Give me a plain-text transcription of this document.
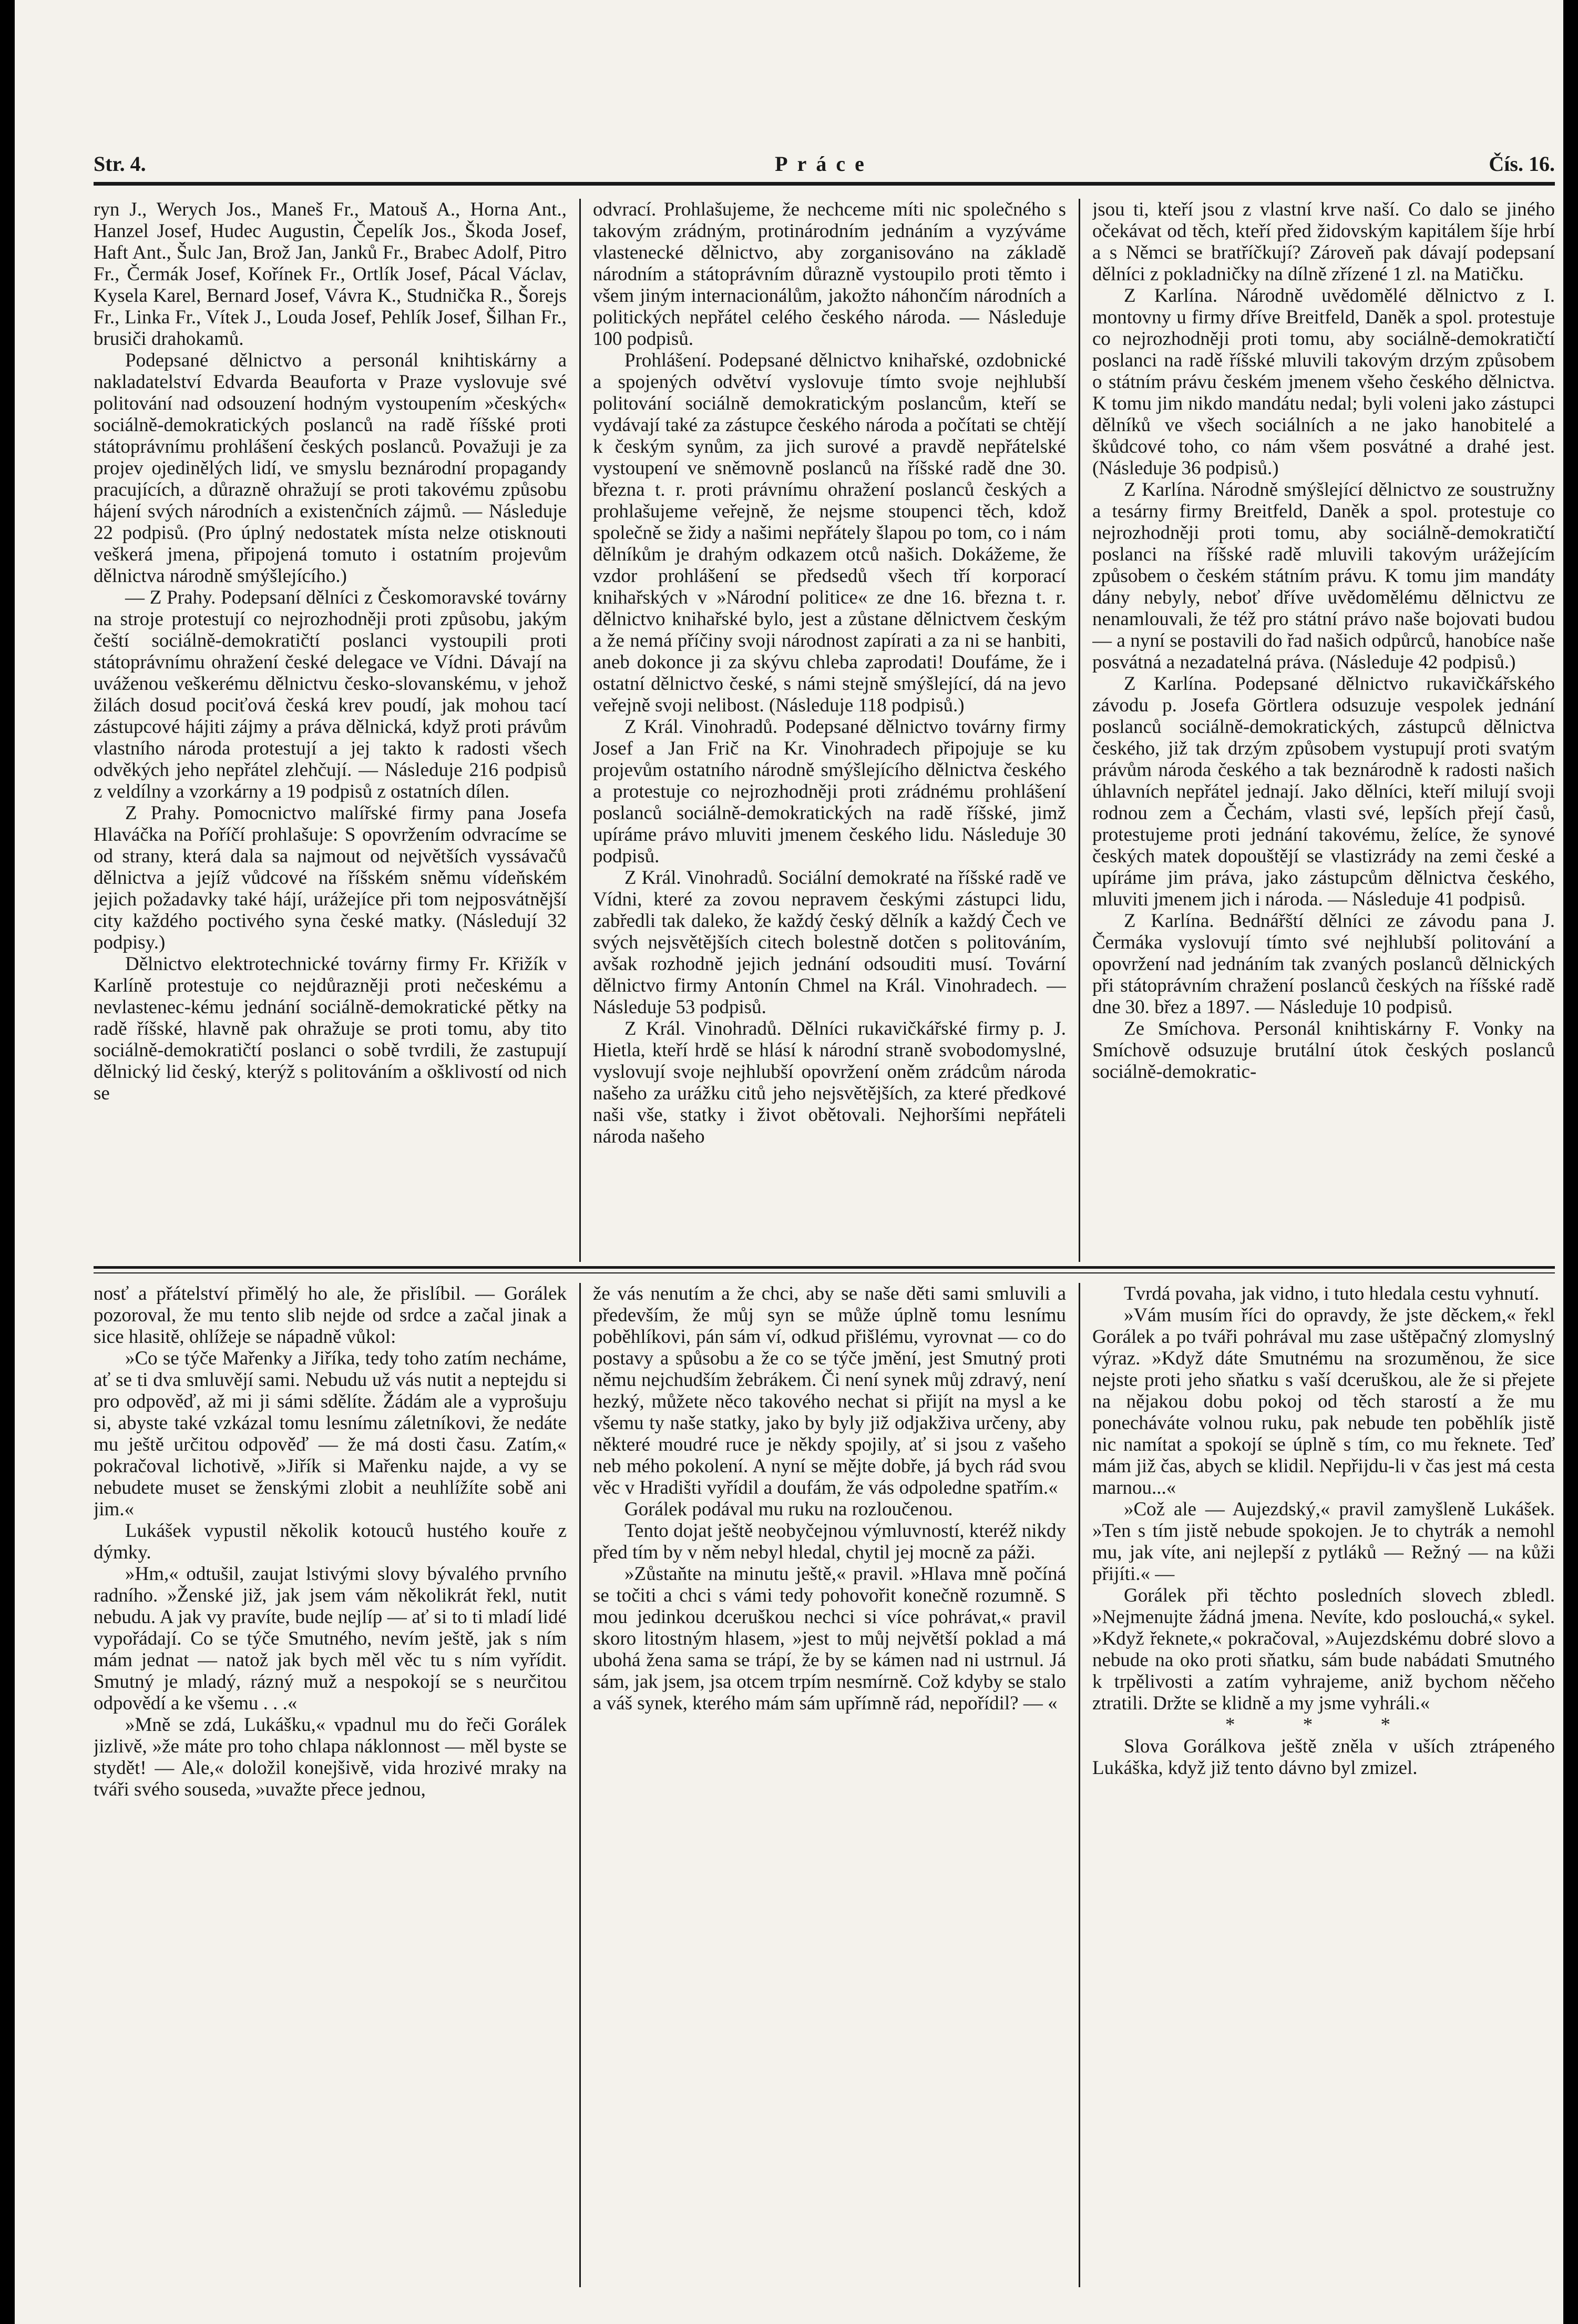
Str. 4.	Práce	Čís. 16.

ryn J., Werych Jos., Maneš Fr., Matouš A., Horna Ant., Hanzel Josef, Hudec Augustin, Čepelík Jos., Škoda Josef, Haft Ant., Šulc Jan, Brož Jan, Janků Fr., Brabec Adolf, Pitro Fr., Čermák Josef, Kořínek Fr., Ortlík Josef, Pácal Václav, Kysela Karel, Bernard Josef, Vávra K., Studnička R., Šorejs Fr., Linka Fr., Vítek J., Louda Josef, Pehlík Josef, Šilhan Fr., brusiči drahokamů.

Podepsané dělnictvo a personál knihtiskárny a nakladatelství Edvarda Beauforta v Praze vyslovuje své politování nad odsouzení hodným vystoupením »českých« sociálně-demokratických poslanců na radě říšské proti státoprávnímu prohlášení českých poslanců. Považuji je za projev ojedinělých lidí, ve smyslu beznárodní propagandy pracujících, a důrazně ohražují se proti takovému způsobu hájení svých národních a existenčních zájmů. — Následuje 22 podpisů. (Pro úplný nedostatek místa nelze otisknouti veškerá jmena, připojená tomuto i ostatním projevům dělnictva národně smýšlejícího.)

— Z Prahy. Podepsaní dělníci z Českomoravské továrny na stroje protestují co nejrozhodněji proti způsobu, jakým čeští sociálně-demokratičtí poslanci vystoupili proti státoprávnímu ohražení české delegace ve Vídni. Dávají na uváženou veškerému dělnictvu česko-slovanskému, v jehož žilách dosud pociťová česká krev poudí, jak mohou tací zástupcové hájiti zájmy a práva dělnická, když proti právům vlastního národa protestují a jej takto k radosti všech odvěkých jeho nepřátel zlehčují. — Následuje 216 podpisů z veldílny a vzorkárny a 19 podpisů z ostatních dílen.

Z Prahy. Pomocnictvo malířské firmy pana Josefa Hlaváčka na Poříčí prohlašuje: S opovržením odvracíme se od strany, která dala sa najmout od největších vyssávačů dělnictva a jejíž vůdcové na říšském sněmu vídeňském jejich požadavky také hájí, urážejíce při tom nejposvátnější city každého poctivého syna české matky. (Následují 32 podpisy.)

Dělnictvo elektrotechnické továrny firmy Fr. Křižík v Karlíně protestuje co nejdůrazněji proti nečeskému a nevlastenec-kému jednání sociálně-demokratické pětky na radě říšské, hlavně pak ohražuje se proti tomu, aby tito sociálně-demokratičtí poslanci o sobě tvrdili, že zastupují dělnický lid český, kterýž s politováním a ošklivostí od nich se

odvrací. Prohlašujeme, že nechceme míti nic společného s takovým zrádným, protinárodním jednáním a vyzýváme vlastenecké dělnictvo, aby zorganisováno na základě národním a státoprávním důrazně vystoupilo proti těmto i všem jiným internacionálům, jakožto náhončím národních a politických nepřátel celého českého národa. — Následuje 100 podpisů.

Prohlášení. Podepsané dělnictvo knihařské, ozdobnické a spojených odvětví vyslovuje tímto svoje nejhlubší politování sociálně demokratickým poslancům, kteří se vydávají také za zástupce českého národa a počítati se chtějí k českým synům, za jich surové a pravdě nepřátelské vystoupení ve sněmovně poslanců na říšské radě dne 30. března t. r. proti právnímu ohražení poslanců českých a prohlašujeme veřejně, že nejsme stoupenci těch, kdož společně se židy a našimi nepřátely šlapou po tom, co i nám dělníkům je drahým odkazem otců našich. Dokážeme, že vzdor prohlášení se předsedů všech tří korporací knihařských v »Národní politice« ze dne 16. března t. r. dělnictvo knihařské bylo, jest a zůstane dělnictvem českým a že nemá příčiny svoji národnost zapírati a za ni se hanbiti, aneb dokonce ji za skývu chleba zaprodati! Doufáme, že i ostatní dělnictvo české, s námi stejně smýšlející, dá na jevo veřejně svoji nelibost. (Následuje 118 podpisů.)

Z Král. Vinohradů. Podepsané dělnictvo továrny firmy Josef a Jan Frič na Kr. Vinohradech připojuje se ku projevům ostatního národně smýšlejícího dělnictva českého a protestuje co nejrozhodněji proti zrádnému prohlášení poslanců sociálně-demokratických na radě říšské, jimž upíráme právo mluviti jmenem českého lidu. Následuje 30 podpisů.

Z Král. Vinohradů. Sociální demokraté na říšské radě ve Vídni, které za zovou nepravem českými zástupci lidu, zabředli tak daleko, že každý český dělník a každý Čech ve svých nejsvětějších citech bolestně dotčen s politováním, avšak rozhodně jejich jednání odsouditi musí. Tovární dělnictvo firmy Antonín Chmel na Král. Vinohradech. — Následuje 53 podpisů.

Z Král. Vinohradů. Dělníci rukavičkářské firmy p. J. Hietla, kteří hrdě se hlásí k národní straně svobodomyslné, vyslovují svoje nejhlubší opovržení oněm zrádcům národa našeho za urážku citů jeho nejsvětějších, za které předkové naši vše, statky i život obětovali. Nejhoršími nepřáteli národa našeho

jsou ti, kteří jsou z vlastní krve naší. Co dalo se jiného očekávat od těch, kteří před židovským kapitálem šíje hrbí a s Němci se bratříčkují? Zároveň pak dávají podepsaní dělníci z pokladničky na dílně zřízené 1 zl. na Matičku.

Z Karlína. Národně uvědomělé dělnictvo z I. montovny u firmy dříve Breitfeld, Daněk a spol. protestuje co nejrozhodněji proti tomu, aby sociálně-demokratičtí poslanci na radě říšské mluvili takovým drzým způsobem o státním právu českém jmenem všeho českého dělnictva. K tomu jim nikdo mandátu nedal; byli voleni jako zástupci dělníků ve všech sociálních a ne jako hanobitelé a škůdcové toho, co nám všem posvátné a drahé jest. (Následuje 36 podpisů.)

Z Karlína. Národně smýšlející dělnictvo ze soustružny a tesárny firmy Breitfeld, Daněk a spol. protestuje co nejrozhodněji proti tomu, aby sociálně-demokratičtí poslanci na říšské radě mluvili takovým urážejícím způsobem o českém státním právu. K tomu jim mandáty dány nebyly, neboť dříve uvědomělému dělnictvu ze nenamlouvali, že též pro státní právo naše bojovati budou — a nyní se postavili do řad našich odpůrců, hanobíce naše posvátná a nezadatelná práva. (Následuje 42 podpisů.)

Z Karlína. Podepsané dělnictvo rukavičkářského závodu p. Josefa Görtlera odsuzuje vespolek jednání poslanců sociálně-demokratických, zástupců dělnictva českého, již tak drzým způsobem vystupují proti svatým právům národa českého a tak beznárodně k radosti našich úhlavních nepřátel jednají. Jako dělníci, kteří milují svoji rodnou zem a Čechám, vlasti své, lepších přejí časů, protestujeme proti jednání takovému, želíce, že synové českých matek dopouštějí se vlastizrády na zemi české a upíráme jim práva, jako zástupcům dělnictva českého, mluviti jmenem jich i národa. — Následuje 41 podpisů.

Z Karlína. Bednářští dělníci ze závodu pana J. Čermáka vyslovují tímto své nejhlubší politování a opovržení nad jednáním tak zvaných poslanců dělnických při státoprávním chražení poslanců českých na říšské radě dne 30. břez a 1897. — Následuje 10 podpisů.

Ze Smíchova. Personál knihtiskárny F. Vonky na Smíchově odsuzuje brutální útok českých poslanců sociálně-demokratic-

nosť a přátelství přimělý ho ale, že přislíbil. — Gorálek pozoroval, že mu tento slib nejde od srdce a začal jinak a sice hlasitě, ohlížeje se nápadně vůkol:

»Co se týče Mařenky a Jiříka, tedy toho zatím necháme, ať se ti dva smluvějí sami. Nebudu už vás nutit a neptejdu si pro odpověď, až mi ji sámi sdělíte. Žádám ale a vyprošuju si, abyste také vzkázal tomu lesnímu záletníkovi, že nedáte mu ještě určitou odpověď — že má dosti času. Zatím,« pokračoval lichotivě, »Jiřík si Mařenku najde, a vy se nebudete muset se ženskými zlobit a neuhlížíte sobě ani jim.«

Lukášek vypustil několik kotouců hustého kouře z dýmky.

»Hm,« odtušil, zaujat lstivými slovy bývalého prvního radního. »Ženské již, jak jsem vám několikrát řekl, nutit nebudu. A jak vy pravíte, bude nejlíp — ať si to ti mladí lidé vypořádají. Co se týče Smutného, nevím ještě, jak s ním mám jednat — natož jak bych měl věc tu s ním vyřídit. Smutný je mladý, rázný muž a nespokojí se s neurčitou odpovědí a ke všemu . . .«

»Mně se zdá, Lukášku,« vpadnul mu do řeči Gorálek jizlivě, »že máte pro toho chlapa náklonnost — měl byste se stydět! — Ale,« doložil konejšivě, vida hrozivé mraky na tváři svého souseda, »uvažte přece jednou,

že vás nenutím a že chci, aby se naše děti sami smluvili a především, že můj syn se může úplně tomu lesnímu poběhlíkovi, pán sám ví, odkud přišlému, vyrovnat — co do postavy a spůsobu a že co se týče jmění, jest Smutný proti němu nejchudším žebrákem. Či není synek můj zdravý, není hezký, můžete něco takového nechat si přijít na mysl a ke všemu ty naše statky, jako by byly již odjakživa určeny, aby některé moudré ruce je někdy spojily, ať si jsou z vašeho neb mého pokolení. A nyní se mějte dobře, já bych rád svou věc v Hradišti vyřídil a doufám, že vás odpoledne spatřím.«

Gorálek podával mu ruku na rozloučenou.

Tento dojat ještě neobyčejnou výmluvností, kteréž nikdy před tím by v něm nebyl hledal, chytil jej mocně za páži.

»Zůstaňte na minutu ještě,« pravil. »Hlava mně počíná se točiti a chci s vámi tedy pohovořit konečně rozumně. S mou jedinkou dceruškou nechci si více pohrávat,« pravil skoro litostným hlasem, »jest to můj největší poklad a má ubohá žena sama se trápí, že by se kámen nad ni ustrnul. Já sám, jak jsem, jsa otcem trpím nesmírně. Což kdyby se stalo a váš synek, kterého mám sám upřímně rád, nepořídil? — «

Tvrdá povaha, jak vidno, i tuto hledala cestu vyhnutí.

»Vám musím říci do opravdy, že jste děckem,« řekl Gorálek a po tváři pohrával mu zase uštěpačný zlomyslný výraz. »Když dáte Smutnému na srozuměnou, že sice nejste proti jeho sňatku s vaší dceruškou, ale že si přejete na nějakou dobu pokoj od těch starostí a že mu ponecháváte volnou ruku, pak nebude ten poběhlík jistě nic namítat a spokojí se úplně s tím, co mu řeknete. Teď mám již čas, abych se klidil. Nepřijdu-li v čas jest má cesta marnou...«

»Což ale — Aujezdský,« pravil zamyšleně Lukášek. »Ten s tím jistě nebude spokojen. Je to chytrák a nemohl mu, jak víte, ani nejlepší z pytláků — Režný — na kůži přijíti.« —

Gorálek při těchto posledních slovech zbledl. »Nejmenujte žádná jmena. Nevíte, kdo poslouchá,« sykel. »Když řeknete,« pokračoval, »Aujezdskému dobré slovo a nebude na oko proti sňatku, sám bude nabádati Smutného k trpělivosti a zatím vyhrajeme, aniž bychom něčeho ztratili. Držte se klidně a my jsme vyhráli.«

* * *

Slova Gorálkova ještě zněla v uších ztrápeného Lukáška, když již tento dávno byl zmizel.
